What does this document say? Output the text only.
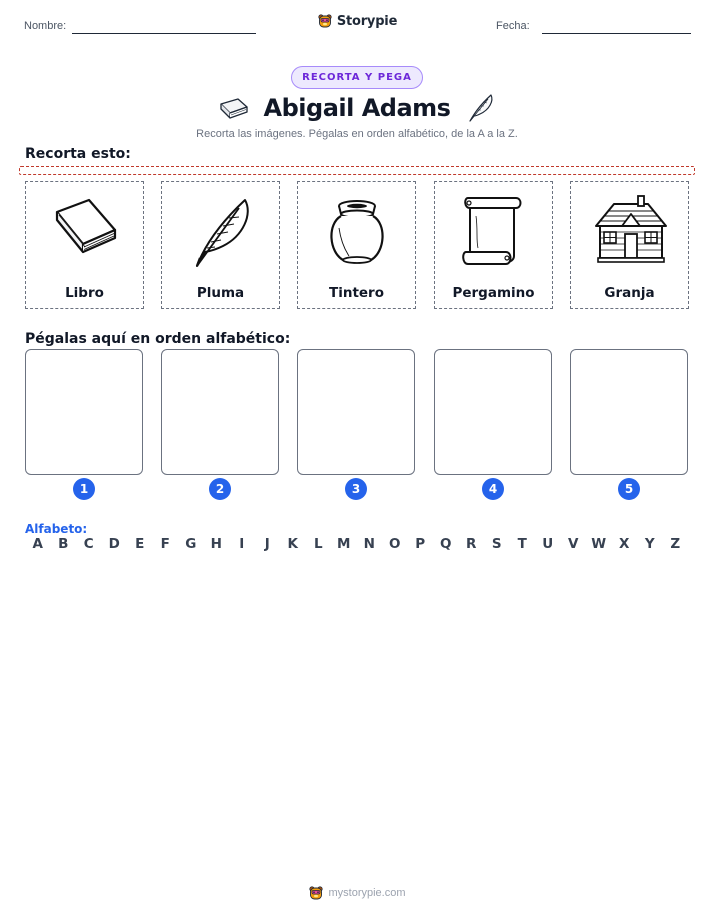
Nombre:	Storypie	Fecha:
RECORTA Y PEGA
Abigail Adams
Recorta las imágenes. Pégalas en orden alfabético, de la A a la Z.
Recorta esto:
Libro	Pluma	Tintero	Pergamino	Granja
Pégalas aquí en orden alfabético:
1	2	3	4	5
Alfabeto:
A	B	C	D	E	F	G	H	I	J	K	L	M N	O	P	Q	R	S	T	U	V W X	Y	Z
mystorypie.com
